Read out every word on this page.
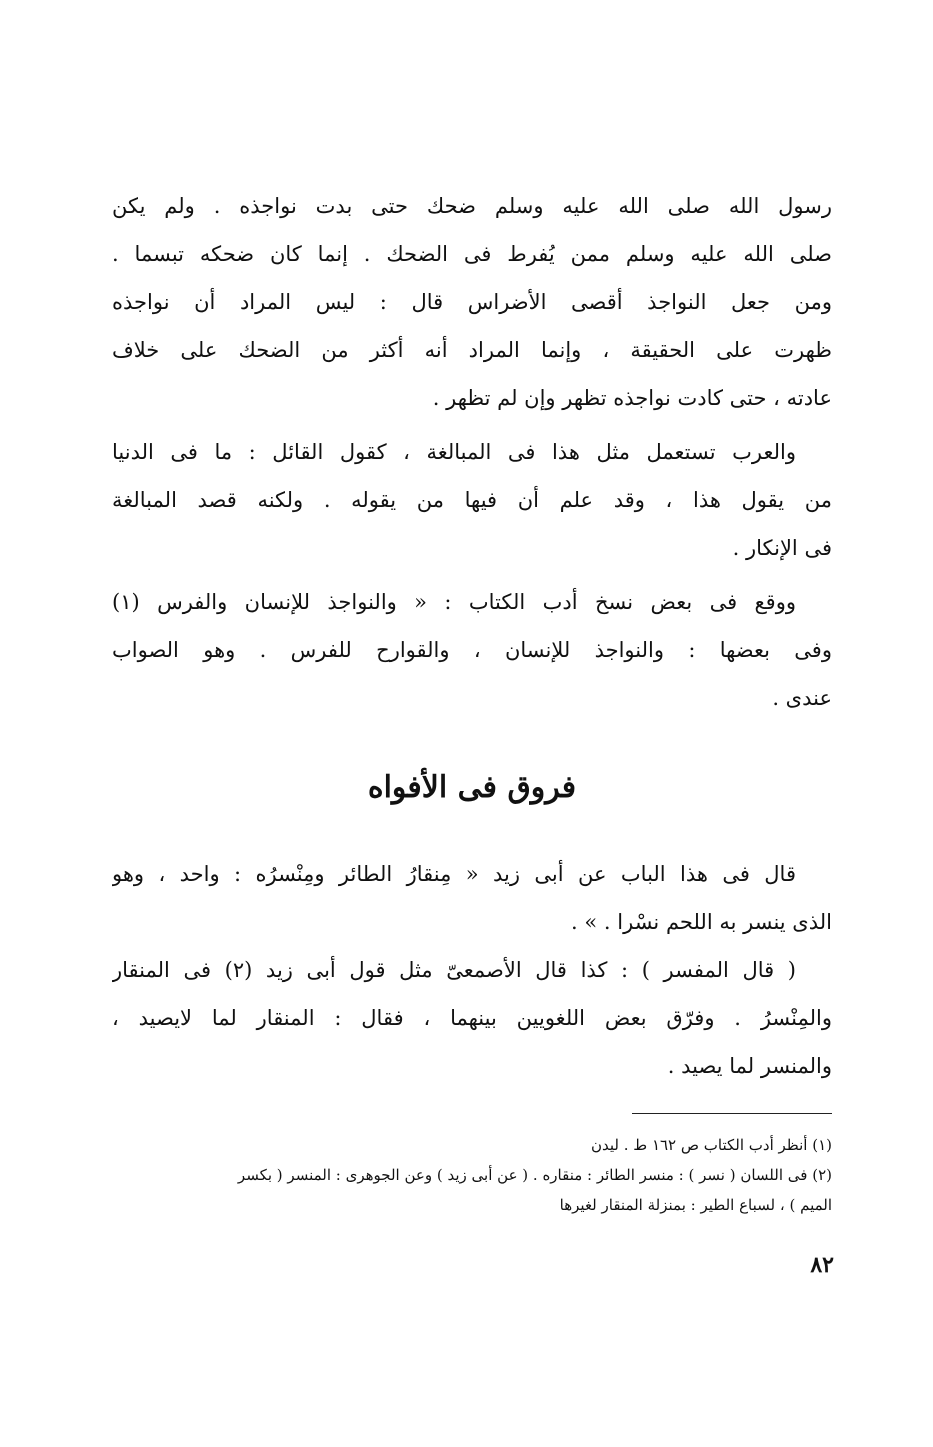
رسول الله صلى الله عليه وسلم ضحك حتى بدت نواجذه . ولم يكن
صلى الله عليه وسلم ممن يُفرط فى الضحك . إنما كان ضحكه تبسما .
ومن جعل النواجذ أقصى الأضراس قال : ليس المراد أن نواجذه
ظهرت على الحقيقة ، وإنما المراد أنه أكثر من الضحك على خلاف
عادته ، حتى كادت نواجذه تظهر وإن لم تظهر .
والعرب تستعمل مثل هذا فى المبالغة ، كقول القائل : ما فى الدنيا
من يقول هذا ، وقد علم أن فيها من يقوله . ولكنه قصد المبالغة
فى الإنكار .
ووقع فى بعض نسخ أدب الكتاب : « والنواجذ للإنسان والفرس (١)
وفى بعضها : والنواجذ للإنسان ، والقوارح للفرس . وهو الصواب
عندى .
فروق فى الأفواه
قال فى هذا الباب عن أبى زيد « مِنقارُ الطائر ومِنْسرُه : واحد ، وهو
الذى ينسر به اللحم نسْرا . » .
( قال المفسر ) : كذا قال الأصمعىّ مثل قول أبى زيد (٢) فى المنقار
والمِنْسرُ . وفرّق بعض اللغويين بينهما ، فقال : المنقار لما لايصيد ،
والمنسر لما يصيد .
(١) أنظر أدب الكتاب ص ١٦٢ ط . ليدن
(٢) فى اللسان ( نسر ) : منسر الطائر : منقاره . ( عن أبى زيد ) وعن الجوهرى : المنسر ( بكسر
الميم ) ، لسباع الطير : بمنزلة المنقار لغيرها
٨٢
